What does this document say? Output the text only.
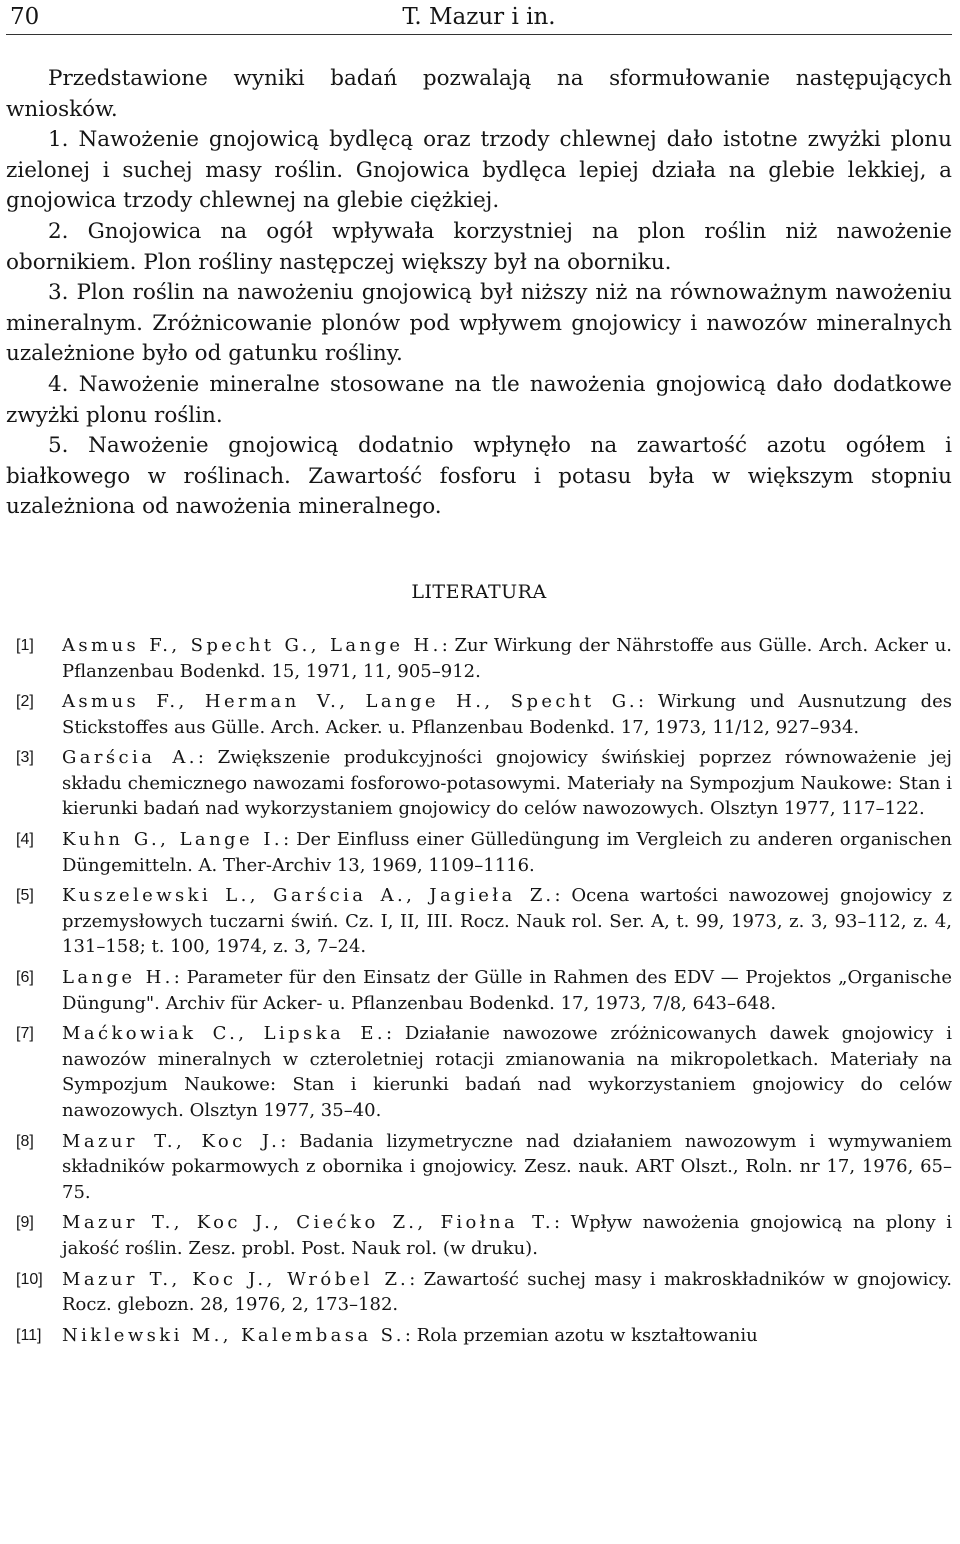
70	T. Mazur i in.

Przedstawione wyniki badań pozwalają na sformułowanie następujących wniosków.

1. Nawożenie gnojowicą bydlęcą oraz trzody chlewnej dało istotne zwyżki plonu zielonej i suchej masy roślin. Gnojowica bydlęca lepiej działa na glebie lekkiej, a gnojowica trzody chlewnej na glebie ciężkiej.

2. Gnojowica na ogół wpływała korzystniej na plon roślin niż nawożenie obornikiem. Plon rośliny następczej większy był na oborniku.

3. Plon roślin na nawożeniu gnojowicą był niższy niż na równoważnym nawożeniu mineralnym. Zróżnicowanie plonów pod wpływem gnojowicy i nawozów mineralnych uzależnione było od gatunku rośliny.

4. Nawożenie mineralne stosowane na tle nawożenia gnojowicą dało dodatkowe zwyżki plonu roślin.

5. Nawożenie gnojowicą dodatnio wpłynęło na zawartość azotu ogółem i białkowego w roślinach. Zawartość fosforu i potasu była w większym stopniu uzależniona od nawożenia mineralnego.

LITERATURA
[1]	Asmus F., Specht G., Lange H.: Zur Wirkung der Nährstoffe aus Gülle. Arch. Acker u. Pflanzenbau Bodenkd. 15, 1971, 11, 905–912.
[2]	Asmus F., Herman V., Lange H., Specht G.: Wirkung und Ausnutzung des Stickstoffes aus Gülle. Arch. Acker. u. Pflanzenbau Bodenkd. 17, 1973, 11/12, 927–934.
[3]	Garścia A.: Zwiększenie produkcyjności gnojowicy świńskiej poprzez równoważenie jej składu chemicznego nawozami fosforowo-potasowymi. Materiały na Sympozjum Naukowe: Stan i kierunki badań nad wykorzystaniem gnojowicy do celów nawozowych. Olsztyn 1977, 117–122.
[4]	Kuhn G., Lange I.: Der Einfluss einer Gülledüngung im Vergleich zu anderen organischen Düngemitteln. A. Ther-Archiv 13, 1969, 1109–1116.
[5]	Kuszelewski L., Garścia A., Jagieła Z.: Ocena wartości nawozowej gnojowicy z przemysłowych tuczarni świń. Cz. I, II, III. Rocz. Nauk rol. Ser. A, t. 99, 1973, z. 3, 93–112, z. 4, 131–158; t. 100, 1974, z. 3, 7–24.
[6]	Lange H.: Parameter für den Einsatz der Gülle in Rahmen des EDV — Projektos „Organische Düngung". Archiv für Acker- u. Pflanzenbau Bodenkd. 17, 1973, 7/8, 643–648.
[7]	Maćkowiak C., Lipska E.: Działanie nawozowe zróżnicowanych dawek gnojowicy i nawozów mineralnych w czteroletniej rotacji zmianowania na mikropoletkach. Materiały na Sympozjum Naukowe: Stan i kierunki badań nad wykorzystaniem gnojowicy do celów nawozowych. Olsztyn 1977, 35–40.
[8]	Mazur T., Koc J.: Badania lizymetryczne nad działaniem nawozowym i wymywaniem składników pokarmowych z obornika i gnojowicy. Zesz. nauk. ART Olszt., Roln. nr 17, 1976, 65–75.
[9]	Mazur T., Koc J., Ciećko Z., Fiołna T.: Wpływ nawożenia gnojowicą na plony i jakość roślin. Zesz. probl. Post. Nauk rol. (w druku).
[10]	Mazur T., Koc J., Wróbel Z.: Zawartość suchej masy i makroskładników w gnojowicy. Rocz. glebozn. 28, 1976, 2, 173–182.
[11]	Niklewski M., Kalembasa S.: Rola przemian azotu w kształtowaniu
